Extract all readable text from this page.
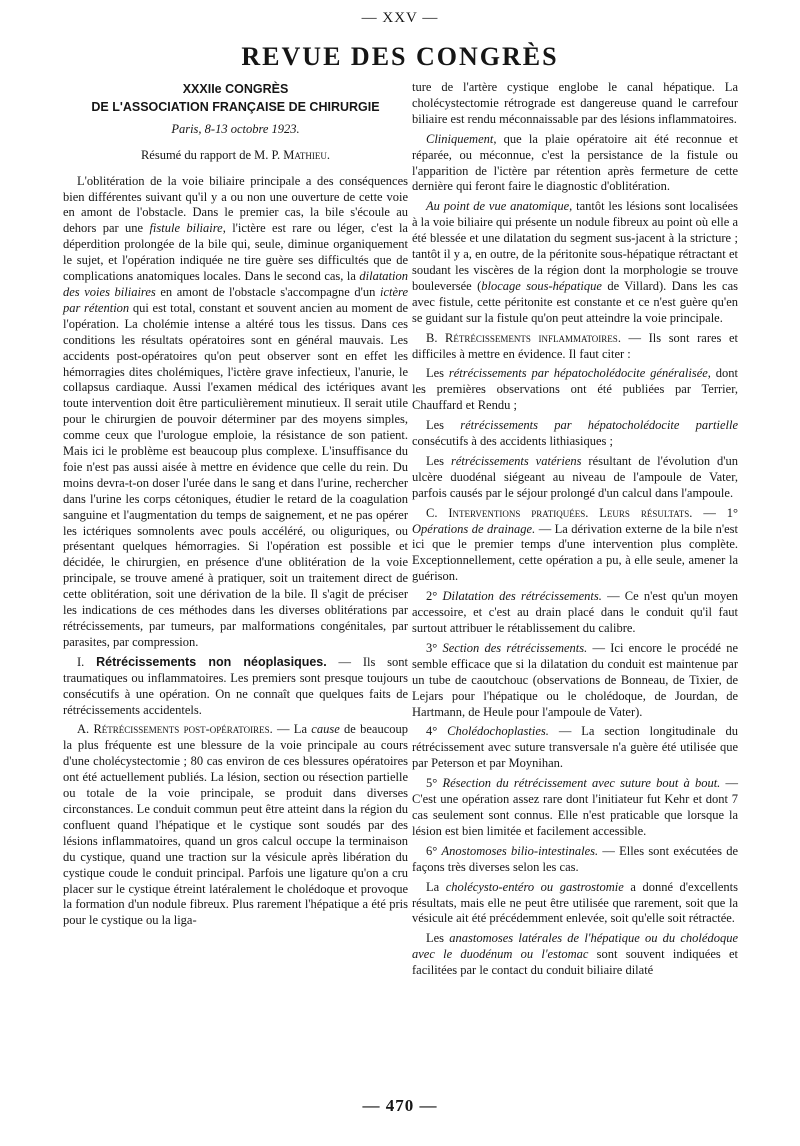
— XXV —
REVUE DES CONGRÈS
XXXIIe CONGRÈS
DE L'ASSOCIATION FRANÇAISE DE CHIRURGIE
Paris, 8-13 octobre 1923.
Résumé du rapport de M. P. Mathieu.

L'oblitération de la voie biliaire principale a des conséquences bien différentes suivant qu'il y a ou non une ouverture de cette voie en amont de l'obstacle. Dans le premier cas, la bile s'écoule au dehors par une fistule biliaire, l'ictère est rare ou léger, c'est la déperdition prolongée de la bile qui, seule, diminue organiquement le sujet, et l'opération indiquée ne tire guère ses difficultés que de complications anatomiques locales. Dans le second cas, la dilatation des voies biliaires en amont de l'obstacle s'accompagne d'un ictère par rétention qui est total, constant et souvent ancien au moment de l'opération. La cholémie intense a altéré tous les tissus. Dans ces conditions les résultats opératoires sont en général mauvais. Les accidents post-opératoires qu'on peut observer sont en effet les hémorragies dites cholémiques, l'ictère grave infectieux, l'anurie, le collapsus cardiaque. Aussi l'examen médical des ictériques avant toute intervention doit être particulièrement minutieux. Il serait utile pour le chirurgien de pouvoir déterminer par des moyens simples, comme ceux que l'urologue emploie, la résistance de son patient. Mais ici le problème est beaucoup plus complexe. L'insuffisance du foie n'est pas aussi aisée à mettre en évidence que celle du rein. Du moins devra-t-on doser l'urée dans le sang et dans l'urine, rechercher dans l'urine les corps cétoniques, étudier le retard de la coagulation sanguine et l'augmentation du temps de saignement, et ne pas opérer les ictériques somnolents avec pouls accéléré, ou oliguriques, ou présentant quelques hémorragies. Si l'opération est possible et décidée, le chirurgien, en présence d'une oblitération de la voie principale, se trouve amené à pratiquer, soit un traitement direct de cette oblitération, soit une dérivation de la bile. Il s'agit de préciser les indications de ces méthodes dans les diverses oblitérations par rétrécissements, par tumeurs, par malformations congénitales, par parasites, par compression.

I. Rétrécissements non néoplasiques. — Ils sont traumatiques ou inflammatoires. Les premiers sont presque toujours consécutifs à une opération. On ne connaît que quelques faits de rétrécissements accidentels.

A. Rétrécissements post-opératoires. — La cause de beaucoup la plus fréquente est une blessure de la voie principale au cours d'une cholécystectomie ; 80 cas environ de ces blessures opératoires ont été actuellement publiés. La lésion, section ou résection partielle ou totale de la voie principale, se produit dans diverses circonstances. Le conduit commun peut être atteint dans la région du confluent quand l'hépatique et le cystique sont soudés par des lésions inflammatoires, quand un gros calcul occupe la terminaison du cystique, quand une traction sur la vésicule après libération du cystique coude le conduit principal. Parfois une ligature qu'on a cru placer sur le cystique étreint latéralement le cholédoque et provoque la formation d'un nodule fibreux. Plus rarement l'hépatique a été pris pour le cystique ou la liga-

ture de l'artère cystique englobe le canal hépatique. La cholécystectomie rétrograde est dangereuse quand le carrefour biliaire est rendu méconnaissable par des lésions inflammatoires.

Cliniquement, que la plaie opératoire ait été reconnue et réparée, ou méconnue, c'est la persistance de la fistule ou l'apparition de l'ictère par rétention après fermeture de cette dernière qui feront faire le diagnostic d'oblitération.

Au point de vue anatomique, tantôt les lésions sont localisées à la voie biliaire qui présente un nodule fibreux au point où elle a été blessée et une dilatation du segment sus-jacent à la stricture ; tantôt il y a, en outre, de la péritonite sous-hépatique rétractant et soudant les viscères de la région dont la morphologie se trouve bouleversée (blocage sous-hépatique de Villard). Dans les cas avec fistule, cette péritonite est constante et ce n'est guère qu'en se guidant sur la fistule qu'on peut atteindre la voie principale.

B. Rétrécissements inflammatoires. — Ils sont rares et difficiles à mettre en évidence. Il faut citer :

Les rétrécissements par hépatocholédocite généralisée, dont les premières observations ont été publiées par Terrier, Chauffard et Rendu ;

Les rétrécissements par hépatocholédocite partielle consécutifs à des accidents lithiasiques ;

Les rétrécissements vatériens résultant de l'évolution d'un ulcère duodénal siégeant au niveau de l'ampoule de Vater, parfois causés par le séjour prolongé d'un calcul dans l'ampoule.

C. Interventions pratiquées. Leurs résultats. — 1° Opérations de drainage. — La dérivation externe de la bile n'est ici que le premier temps d'une intervention plus complète. Exceptionnellement, cette opération a pu, à elle seule, amener la guérison.

2° Dilatation des rétrécissements. — Ce n'est qu'un moyen accessoire, et c'est au drain placé dans le conduit qu'il faut surtout attribuer le rétablissement du calibre.

3° Section des rétrécissements. — Ici encore le procédé ne semble efficace que si la dilatation du conduit est maintenue par un tube de caoutchouc (observations de Bonneau, de Tixier, de Lejars pour l'hépatique ou le cholédoque, de Jourdan, de Hartmann, de Heule pour l'ampoule de Vater).

4° Cholédochoplasties. — La section longitudinale du rétrécissement avec suture transversale n'a guère été utilisée que par Peterson et par Moynihan.

5° Résection du rétrécissement avec suture bout à bout. — C'est une opération assez rare dont l'initiateur fut Kehr et dont 7 cas seulement sont connus. Elle n'est praticable que lorsque la lésion est bien limitée et facilement accessible.

6° Anostomoses bilio-intestinales. — Elles sont exécutées de façons très diverses selon les cas.

La cholécysto-entéro ou gastrostomie a donné d'excellents résultats, mais elle ne peut être utilisée que rarement, soit que la vésicule ait été précédemment enlevée, soit qu'elle soit rétractée.

Les anastomoses latérales de l'hépatique ou du cholédoque avec le duodénum ou l'estomac sont souvent indiquées et facilitées par le contact du conduit biliaire dilaté

— 470 —
